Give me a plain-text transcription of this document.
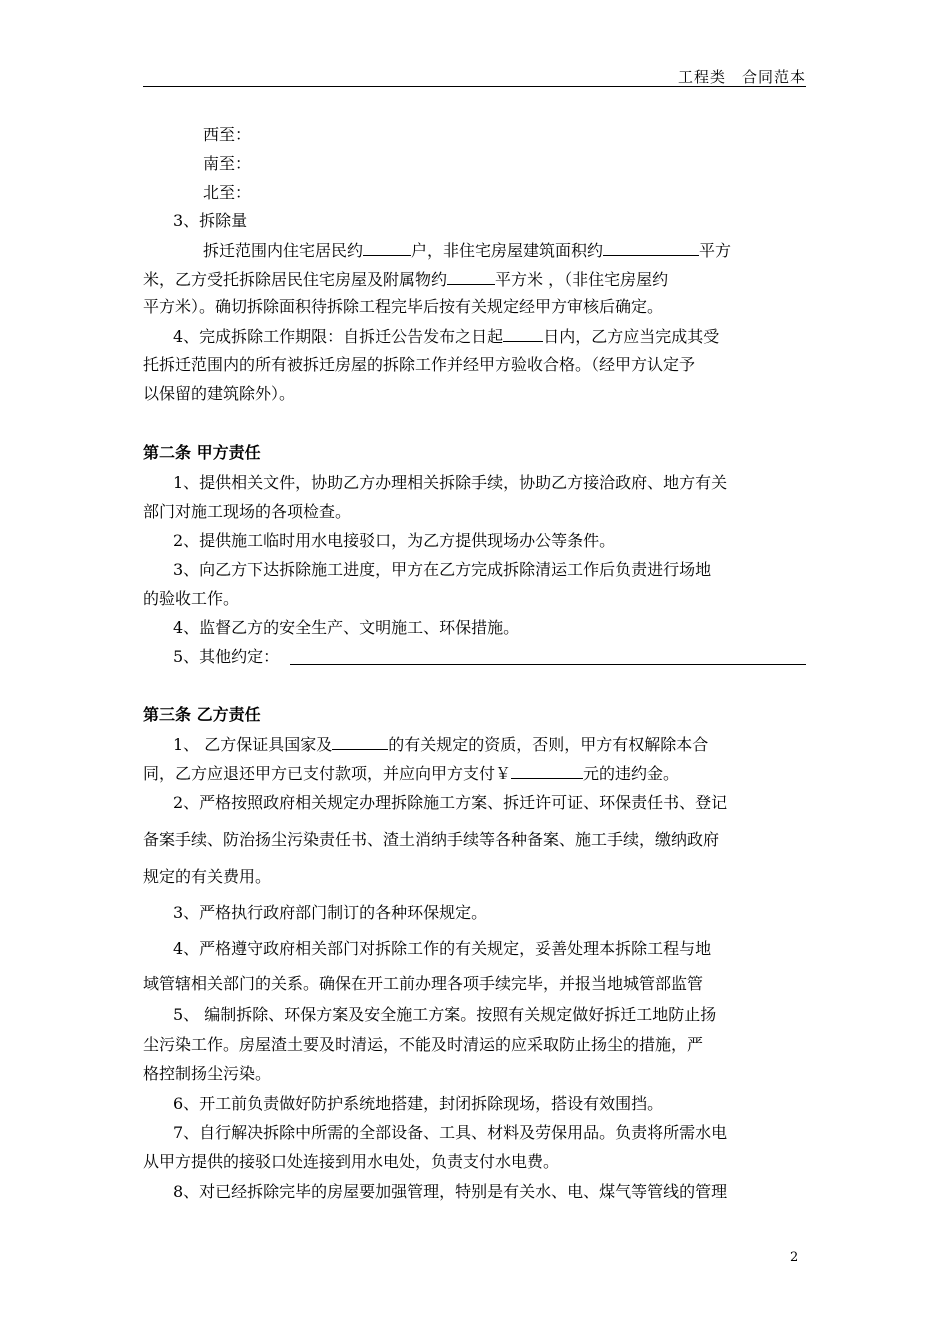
工程类　合同范本
西至：
南至：
北至：
3、拆除量
拆迁范围内住宅居民约	户，非住宅房屋建筑面积约	平方
米，乙方受托拆除居民住宅房屋及附属物约	平方米 ，（非住宅房屋约
平方米）。确切拆除面积待拆除工程完毕后按有关规定经甲方审核后确定。
4、完成拆除工作期限：自拆迁公告发布之日起	日内，乙方应当完成其受
托拆迁范围内的所有被拆迁房屋的拆除工作并经甲方验收合格。（经甲方认定予
以保留的建筑除外）。
第二条 甲方责任
1、提供相关文件，协助乙方办理相关拆除手续，协助乙方接洽政府、地方有关
部门对施工现场的各项检查。
2、提供施工临时用水电接驳口，为乙方提供现场办公等条件。
3、向乙方下达拆除施工进度，甲方在乙方完成拆除清运工作后负责进行场地
的验收工作。
4、监督乙方的安全生产、文明施工、环保措施。
5、其他约定：
第三条 乙方责任
1、 乙方保证具国家及	的有关规定的资质，否则，甲方有权解除本合
同，乙方应退还甲方已支付款项，并应向甲方支付￥	元的违约金。
2、严格按照政府相关规定办理拆除施工方案、拆迁许可证、环保责任书、登记
备案手续、防治扬尘污染责任书、渣土消纳手续等各种备案、施工手续，缴纳政府
规定的有关费用。
3、严格执行政府部门制订的各种环保规定。
4、严格遵守政府相关部门对拆除工作的有关规定，妥善处理本拆除工程与地
域管辖相关部门的关系。确保在开工前办理各项手续完毕，并报当地城管部监管
5、 编制拆除、环保方案及安全施工方案。按照有关规定做好拆迁工地防止扬
尘污染工作。房屋渣土要及时清运，不能及时清运的应采取防止扬尘的措施，严
格控制扬尘污染。
6、开工前负责做好防护系统地搭建，封闭拆除现场，搭设有效围挡。
7、自行解决拆除中所需的全部设备、工具、材料及劳保用品。负责将所需水电
从甲方提供的接驳口处连接到用水电处，负责支付水电费。
8、对已经拆除完毕的房屋要加强管理，特别是有关水、电、煤气等管线的管理
2
